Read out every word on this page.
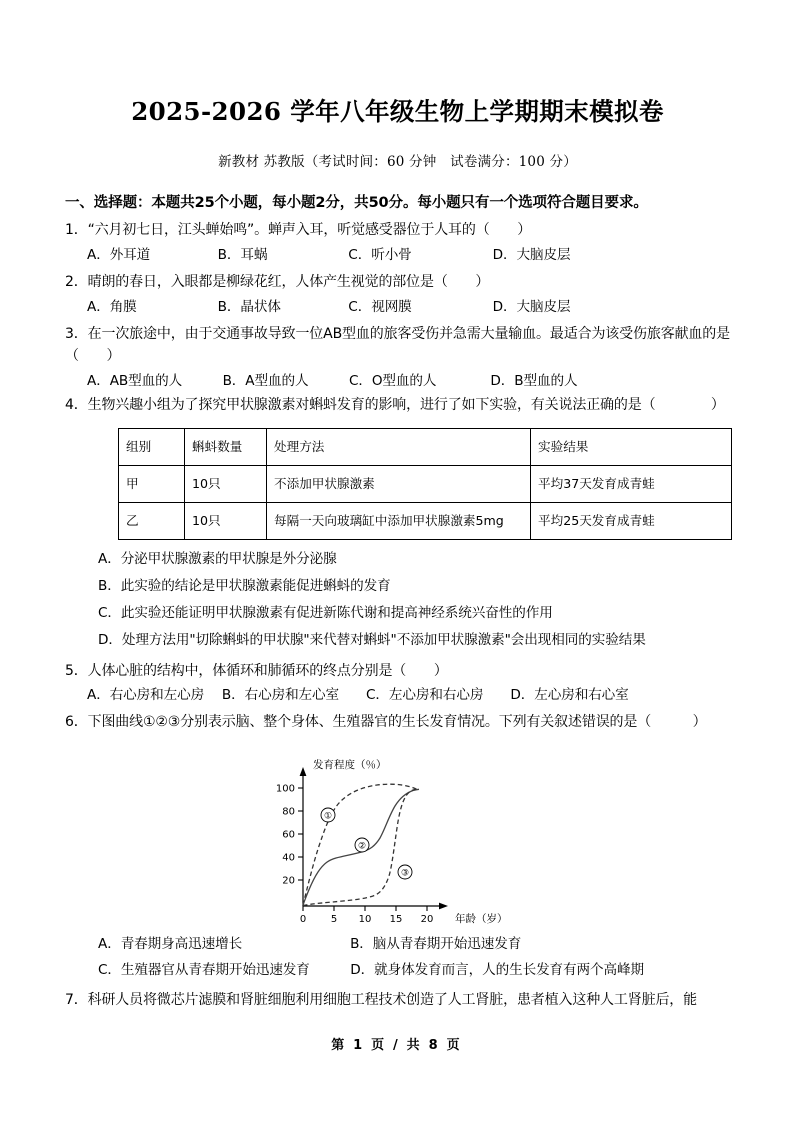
2025-2026 学年八年级生物上学期期末模拟卷
新教材 苏教版（考试时间：60 分钟　试卷满分：100 分）
一、选择题：本题共25个小题，每小题2分，共50分。每小题只有一个选项符合题目要求。
1．“六月初七日，江头蝉始鸣”。蝉声入耳，听觉感受器位于人耳的（　　）
A．外耳道　　　　　B．耳蜗　　　　　　C．听小骨　　　　　　D．大脑皮层
2．晴朗的春日，入眼都是柳绿花红，人体产生视觉的部位是（　　）
A．角膜　　　　　　B．晶状体　　　　　C．视网膜　　　　　　D．大脑皮层
3．在一次旅途中，由于交通事故导致一位AB型血的旅客受伤并急需大量输血。最适合为该受伤旅客献血的是（　　）
A．AB型血的人　　　B．A型血的人　　　C．O型血的人　　　　D．B型血的人
4．生物兴趣小组为了探究甲状腺激素对蝌蚪发育的影响，进行了如下实验，有关说法正确的是（　　　　）
组别	蝌蚪数量	处理方法	实验结果
甲	10只	不添加甲状腺激素	平均37天发育成青蛙
乙	10只	每隔一天向玻璃缸中添加甲状腺激素5mg	平均25天发育成青蛙
A．分泌甲状腺激素的甲状腺是外分泌腺
B．此实验的结论是甲状腺激素能促进蝌蚪的发育
C．此实验还能证明甲状腺激素有促进新陈代谢和提高神经系统兴奋性的作用
D．处理方法用"切除蝌蚪的甲状腺"来代替对蝌蚪"不添加甲状腺激素"会出现相同的实验结果
5．人体心脏的结构中，体循环和肺循环的终点分别是（　　）
A．右心房和左心房　 B．右心房和左心室　　C．左心房和右心房　　D．左心房和右心室
6．下图曲线①②③分别表示脑、整个身体、生殖器官的生长发育情况。下列有关叙述错误的是（　　　）
100
80
60
40
20
0 5 10 15 20
发育程度（％）
年龄（岁）
①
②
③
A．青春期身高迅速增长　　　　　　　　B．脑从青春期开始迅速发育
C．生殖器官从青春期开始迅速发育　　　D．就身体发育而言，人的生长发育有两个高峰期
7．科研人员将微芯片滤膜和肾脏细胞利用细胞工程技术创造了人工肾脏，患者植入这种人工肾脏后，能
第 1 页 / 共 8 页
